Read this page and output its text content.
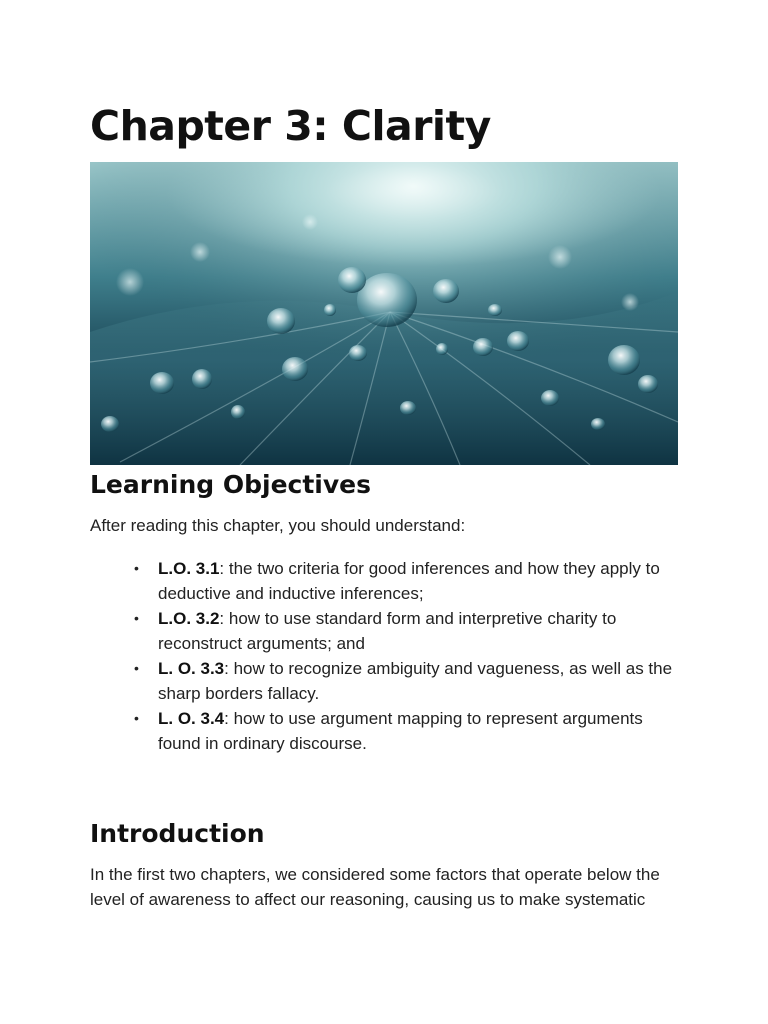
Chapter 3: Clarity
Learning Objectives

After reading this chapter, you should understand:

• L.O. 3.1: the two criteria for good inferences and how they apply to deductive and inductive inferences;
• L.O. 3.2: how to use standard form and interpretive charity to reconstruct arguments; and
• L. O. 3.3: how to recognize ambiguity and vagueness, as well as the sharp borders fallacy.
• L. O. 3.4: how to use argument mapping to represent arguments found in ordinary discourse.
Introduction

In the first two chapters, we considered some factors that operate below the level of awareness to affect our reasoning, causing us to make systematic
